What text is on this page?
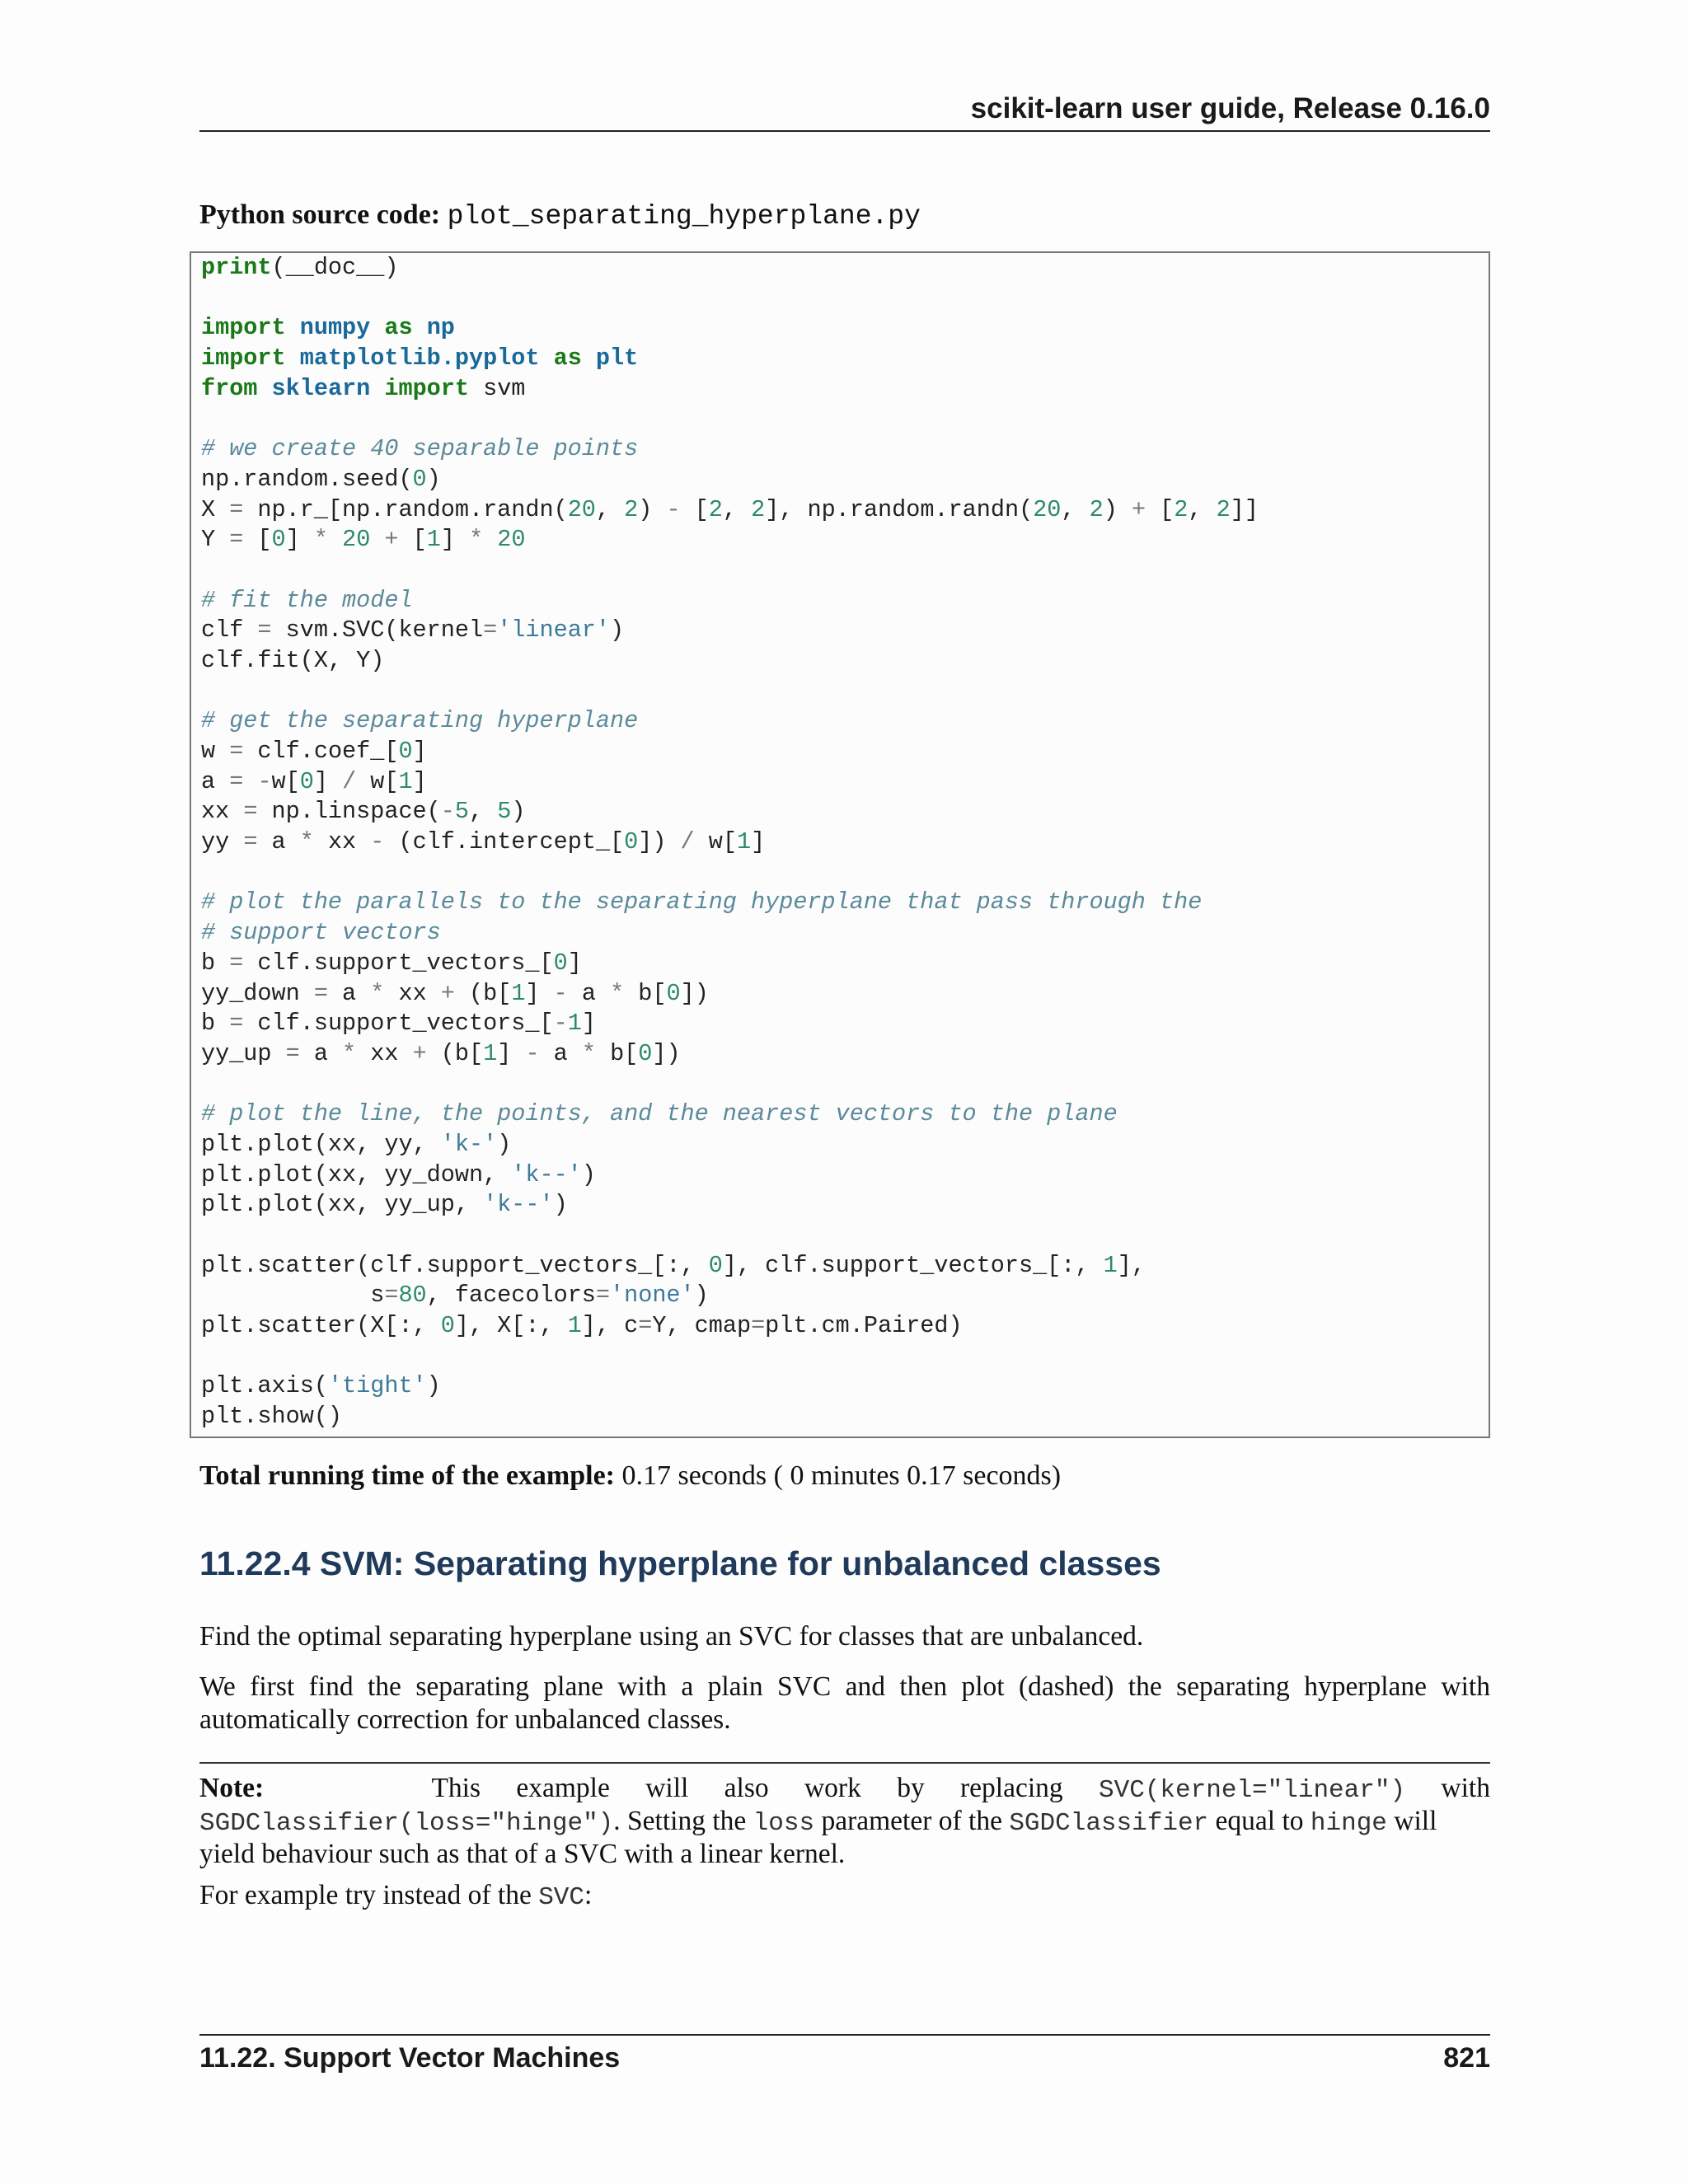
scikit-learn user guide, Release 0.16.0
Python source code: plot_separating_hyperplane.py
print(__doc__)

import numpy as np
import matplotlib.pyplot as plt
from sklearn import svm

# we create 40 separable points
np.random.seed(0)
X = np.r_[np.random.randn(20, 2) - [2, 2], np.random.randn(20, 2) + [2, 2]]
Y = [0] * 20 + [1] * 20

# fit the model
clf = svm.SVC(kernel='linear')
clf.fit(X, Y)

# get the separating hyperplane
w = clf.coef_[0]
a = -w[0] / w[1]
xx = np.linspace(-5, 5)
yy = a * xx - (clf.intercept_[0]) / w[1]

# plot the parallels to the separating hyperplane that pass through the
# support vectors
b = clf.support_vectors_[0]
yy_down = a * xx + (b[1] - a * b[0])
b = clf.support_vectors_[-1]
yy_up = a * xx + (b[1] - a * b[0])

# plot the line, the points, and the nearest vectors to the plane
plt.plot(xx, yy, 'k-')
plt.plot(xx, yy_down, 'k--')
plt.plot(xx, yy_up, 'k--')

plt.scatter(clf.support_vectors_[:, 0], clf.support_vectors_[:, 1],
s=80, facecolors='none')
plt.scatter(X[:, 0], X[:, 1], c=Y, cmap=plt.cm.Paired)

plt.axis('tight')
plt.show()
Total running time of the example: 0.17 seconds ( 0 minutes 0.17 seconds)
11.22.4 SVM: Separating hyperplane for unbalanced classes

Find the optimal separating hyperplane using an SVC for classes that are unbalanced.

We first find the separating plane with a plain SVC and then plot (dashed) the separating hyperplane with automatically correction for unbalanced classes.

Note:	This example will also work by replacing SVC(kernel="linear") with
SGDClassifier(loss="hinge"). Setting the loss parameter of the SGDClassifier equal to hinge will
yield behaviour such as that of a SVC with a linear kernel.

For example try instead of the SVC:

11.22. Support Vector Machines	821
